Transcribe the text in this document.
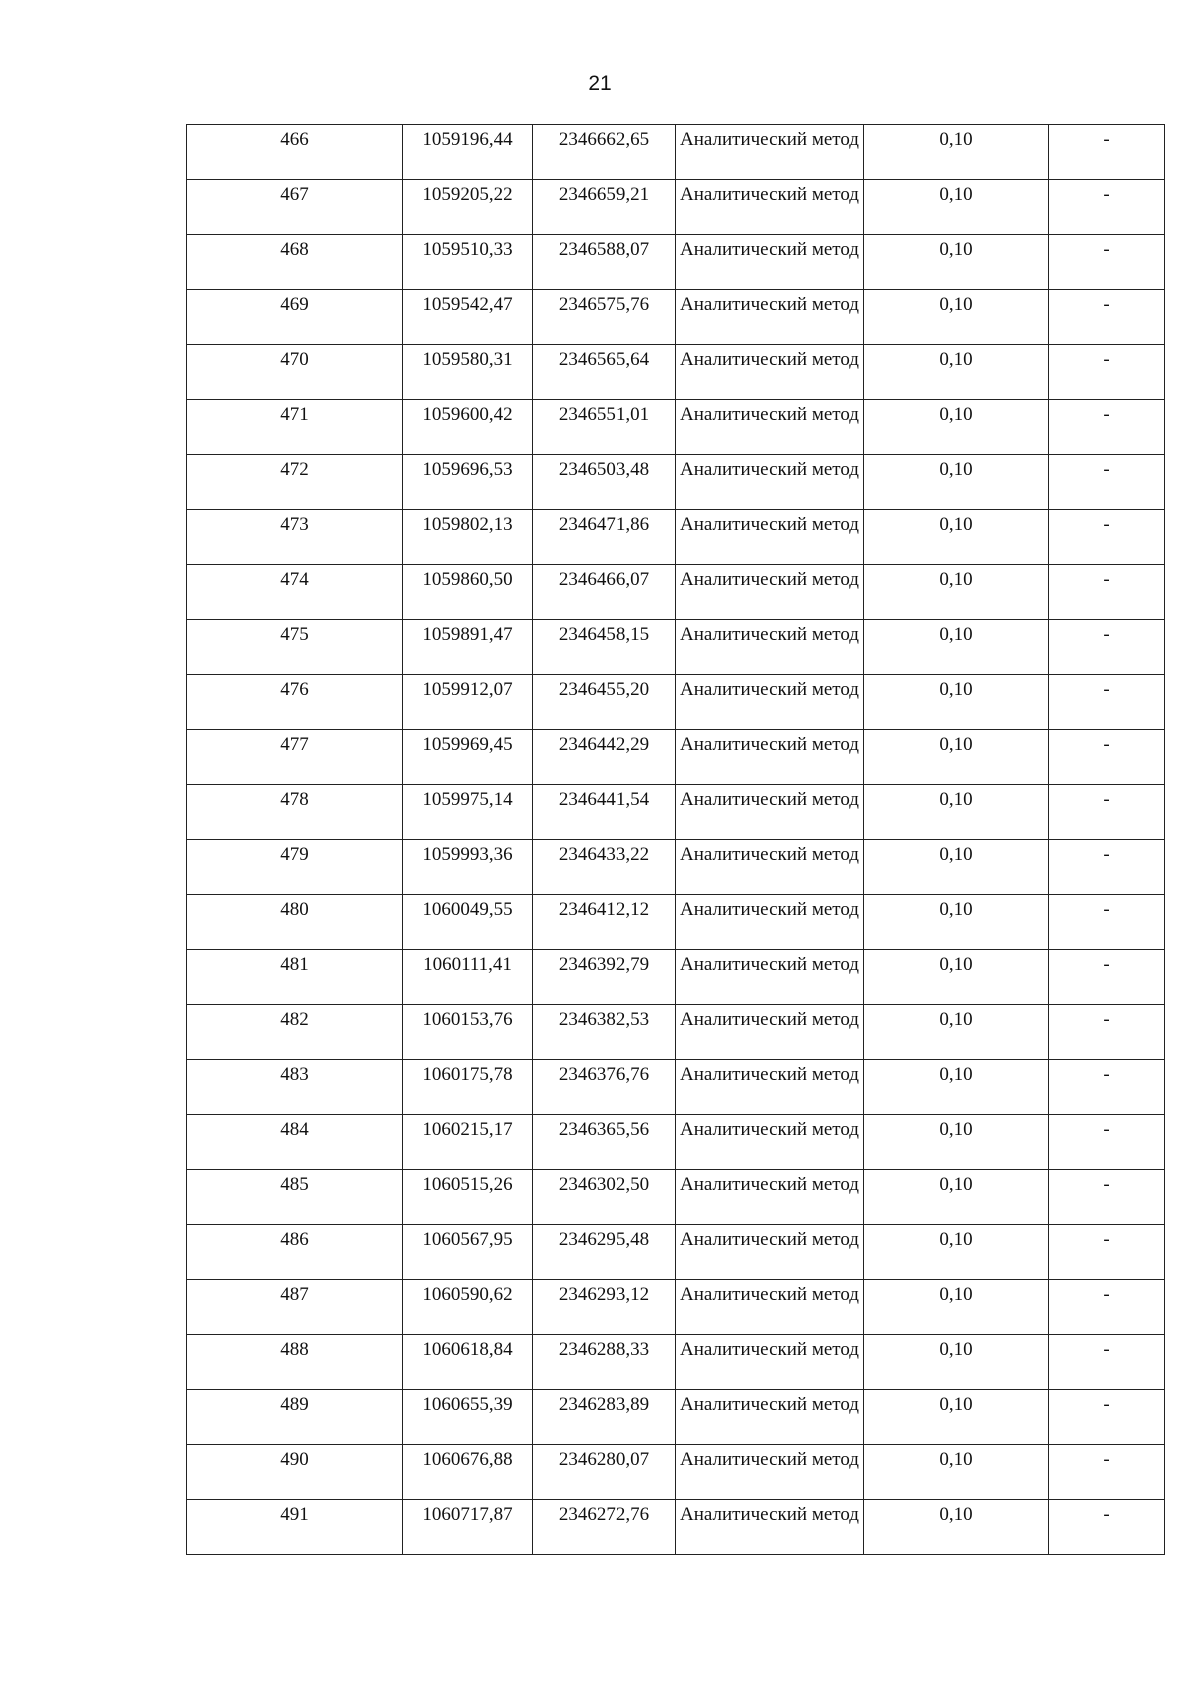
21
466	1059196,44	2346662,65	Аналитический метод	0,10	-

467	1059205,22	2346659,21	Аналитический метод	0,10	-

468	1059510,33	2346588,07	Аналитический метод	0,10	-

469	1059542,47	2346575,76	Аналитический метод	0,10	-

470	1059580,31	2346565,64	Аналитический метод	0,10	-

471	1059600,42	2346551,01	Аналитический метод	0,10	-

472	1059696,53	2346503,48	Аналитический метод	0,10	-

473	1059802,13	2346471,86	Аналитический метод	0,10	-

474	1059860,50	2346466,07	Аналитический метод	0,10	-

475	1059891,47	2346458,15	Аналитический метод	0,10	-

476	1059912,07	2346455,20	Аналитический метод	0,10	-

477	1059969,45	2346442,29	Аналитический метод	0,10	-

478	1059975,14	2346441,54	Аналитический метод	0,10	-

479	1059993,36	2346433,22	Аналитический метод	0,10	-

480	1060049,55	2346412,12	Аналитический метод	0,10	-

481	1060111,41	2346392,79	Аналитический метод	0,10	-

482	1060153,76	2346382,53	Аналитический метод	0,10	-

483	1060175,78	2346376,76	Аналитический метод	0,10	-

484	1060215,17	2346365,56	Аналитический метод	0,10	-

485	1060515,26	2346302,50	Аналитический метод	0,10	-

486	1060567,95	2346295,48	Аналитический метод	0,10	-

487	1060590,62	2346293,12	Аналитический метод	0,10	-

488	1060618,84	2346288,33	Аналитический метод	0,10	-

489	1060655,39	2346283,89	Аналитический метод	0,10	-

490	1060676,88	2346280,07	Аналитический метод	0,10	-

491	1060717,87	2346272,76	Аналитический метод	0,10	-
